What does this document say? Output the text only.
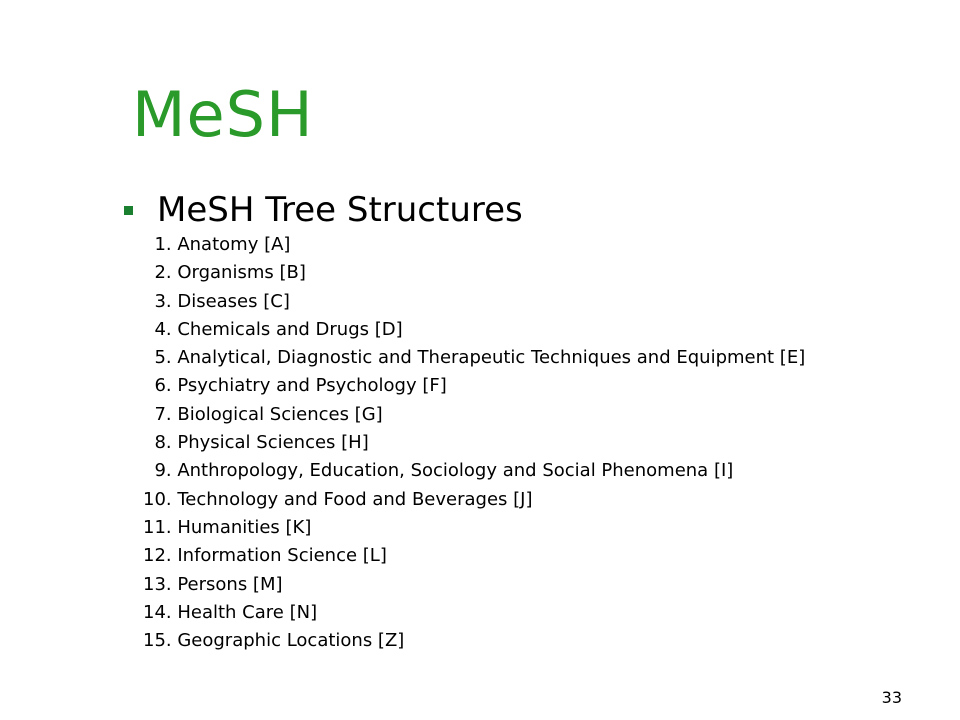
MeSH
MeSH Tree Structures
1. Anatomy [A]
2. Organisms [B]
3. Diseases [C]
4. Chemicals and Drugs [D]
5. Analytical, Diagnostic and Therapeutic Techniques and Equipment [E]
6. Psychiatry and Psychology [F]
7. Biological Sciences [G]
8. Physical Sciences [H]
9. Anthropology, Education, Sociology and Social Phenomena [I]
10. Technology and Food and Beverages [J]
11. Humanities [K]
12. Information Science [L]
13. Persons [M]
14. Health Care [N]
15. Geographic Locations [Z]
33
